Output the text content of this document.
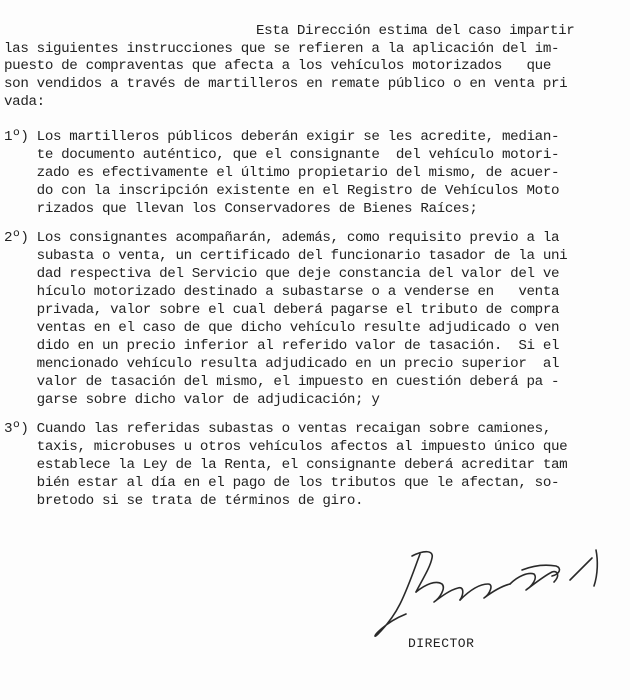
Esta Dirección estima del caso impartir
las siguientes instrucciones que se refieren a la aplicación del im-
puesto de compraventas que afecta a los vehículos motorizados   que
son vendidos a través de martilleros en remate público o en venta pri
vada:
1º) Los martilleros públicos deberán exigir se les acredite, median-
te documento auténtico, que el consignante  del vehículo motori-
zado es efectivamente el último propietario del mismo, de acuer-
do con la inscripción existente en el Registro de Vehículos Moto
rizados que llevan los Conservadores de Bienes Raíces;
2º) Los consignantes acompañarán, además, como requisito previo a la
subasta o venta, un certificado del funcionario tasador de la uni
dad respectiva del Servicio que deje constancia del valor del ve
hículo motorizado destinado a subastarse o a venderse en   venta
privada, valor sobre el cual deberá pagarse el tributo de compra
ventas en el caso de que dicho vehículo resulte adjudicado o ven
dido en un precio inferior al referido valor de tasación.  Si el
mencionado vehículo resulta adjudicado en un precio superior  al
valor de tasación del mismo, el impuesto en cuestión deberá pa -
garse sobre dicho valor de adjudicación; y
3º) Cuando las referidas subastas o ventas recaigan sobre camiones,
taxis, microbuses u otros vehículos afectos al impuesto único que
establece la Ley de la Renta, el consignante deberá acreditar tam
bién estar al día en el pago de los tributos que le afectan, so-
bretodo si se trata de términos de giro.
DIRECTOR
